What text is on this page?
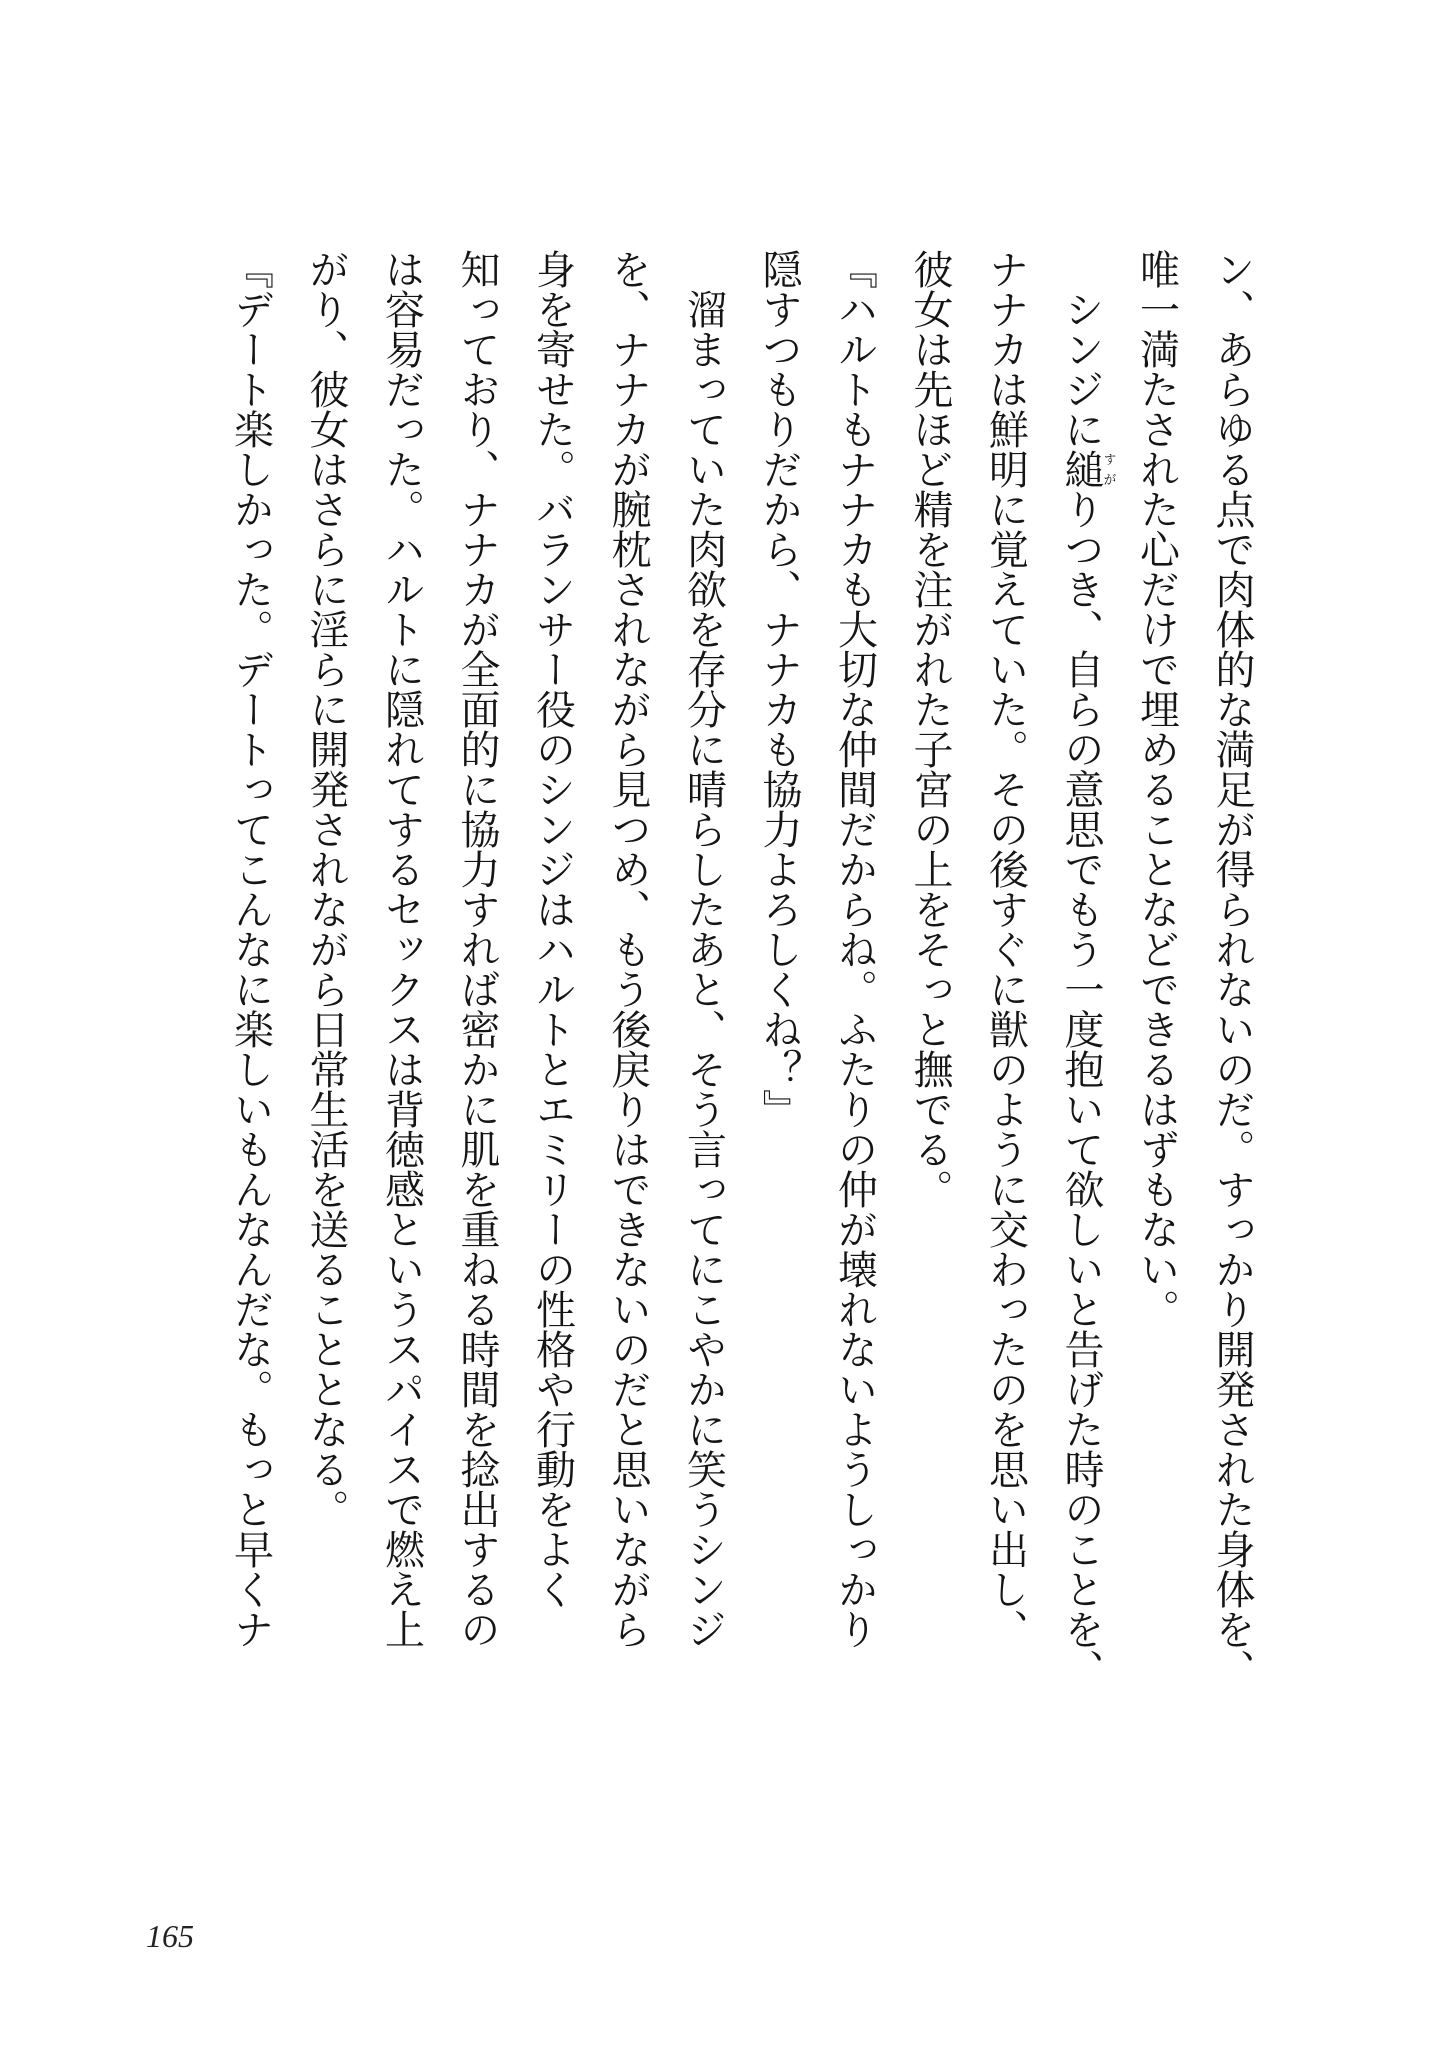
ン、あらゆる点で肉体的な満足が得られないのだ。すっかり開発された身体を、
唯一満たされた心だけで埋めることなどできるはずもない。
　シンジに縋すがりつき、自らの意思でもう一度抱いて欲しいと告げた時のことを、
ナナカは鮮明に覚えていた。その後すぐに獣のように交わったのを思い出し、
彼女は先ほど精を注がれた子宮の上をそっと撫でる。
『ハルトもナナカも大切な仲間だからね。ふたりの仲が壊れないようしっかり
隠すつもりだから、ナナカも協力よろしくね？』
　溜まっていた肉欲を存分に晴らしたあと、そう言ってにこやかに笑うシンジ
を、ナナカが腕枕されながら見つめ、もう後戻りはできないのだと思いながら
身を寄せた。バランサー役のシンジはハルトとエミリーの性格や行動をよく
知っており、ナナカが全面的に協力すれば密かに肌を重ねる時間を捻出するの
は容易だった。ハルトに隠れてするセックスは背徳感というスパイスで燃え上
がり、彼女はさらに淫らに開発されながら日常生活を送ることとなる。
『デート楽しかった。デートってこんなに楽しいもんなんだな。もっと早くナ
165
